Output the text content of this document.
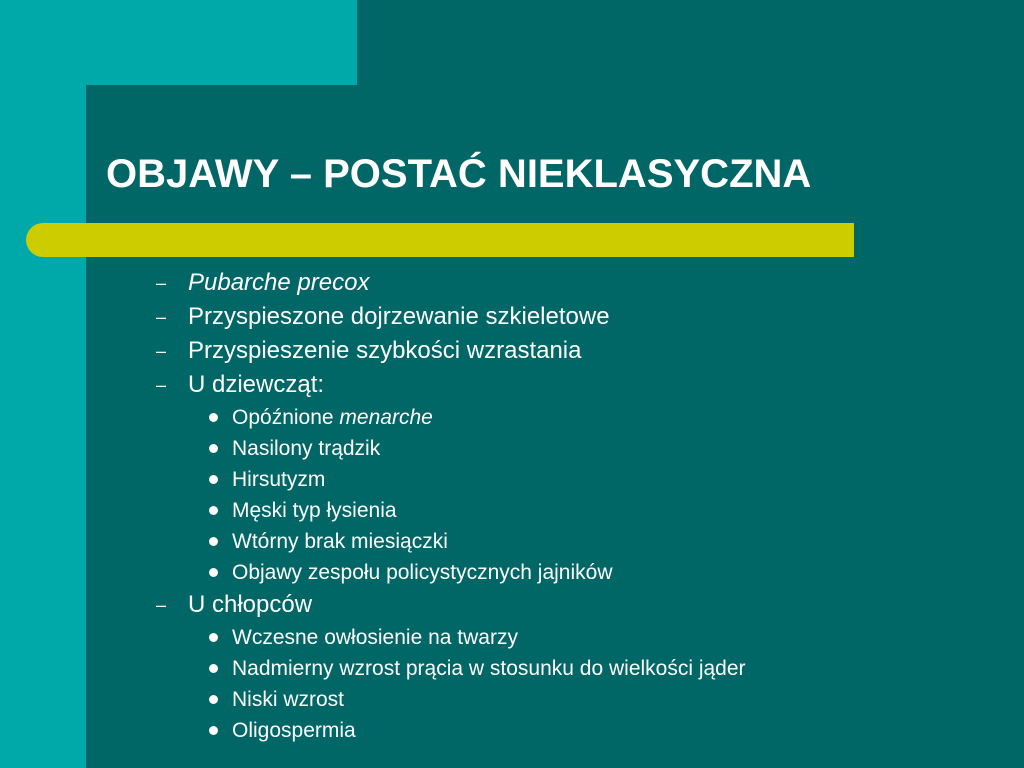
OBJAWY – POSTAĆ NIEKLASYCZNA
– Pubarche precox
– Przyspieszone dojrzewanie szkieletowe
– Przyspieszenie szybkości wzrastania
– U dziewcząt:
Opóźnione menarche
Nasilony trądzik
Hirsutyzm
Męski typ łysienia
Wtórny brak miesiączki
Objawy zespołu policystycznych jajników
– U chłopców
Wczesne owłosienie na twarzy
Nadmierny wzrost prącia w stosunku do wielkości jąder
Niski wzrost
Oligospermia
